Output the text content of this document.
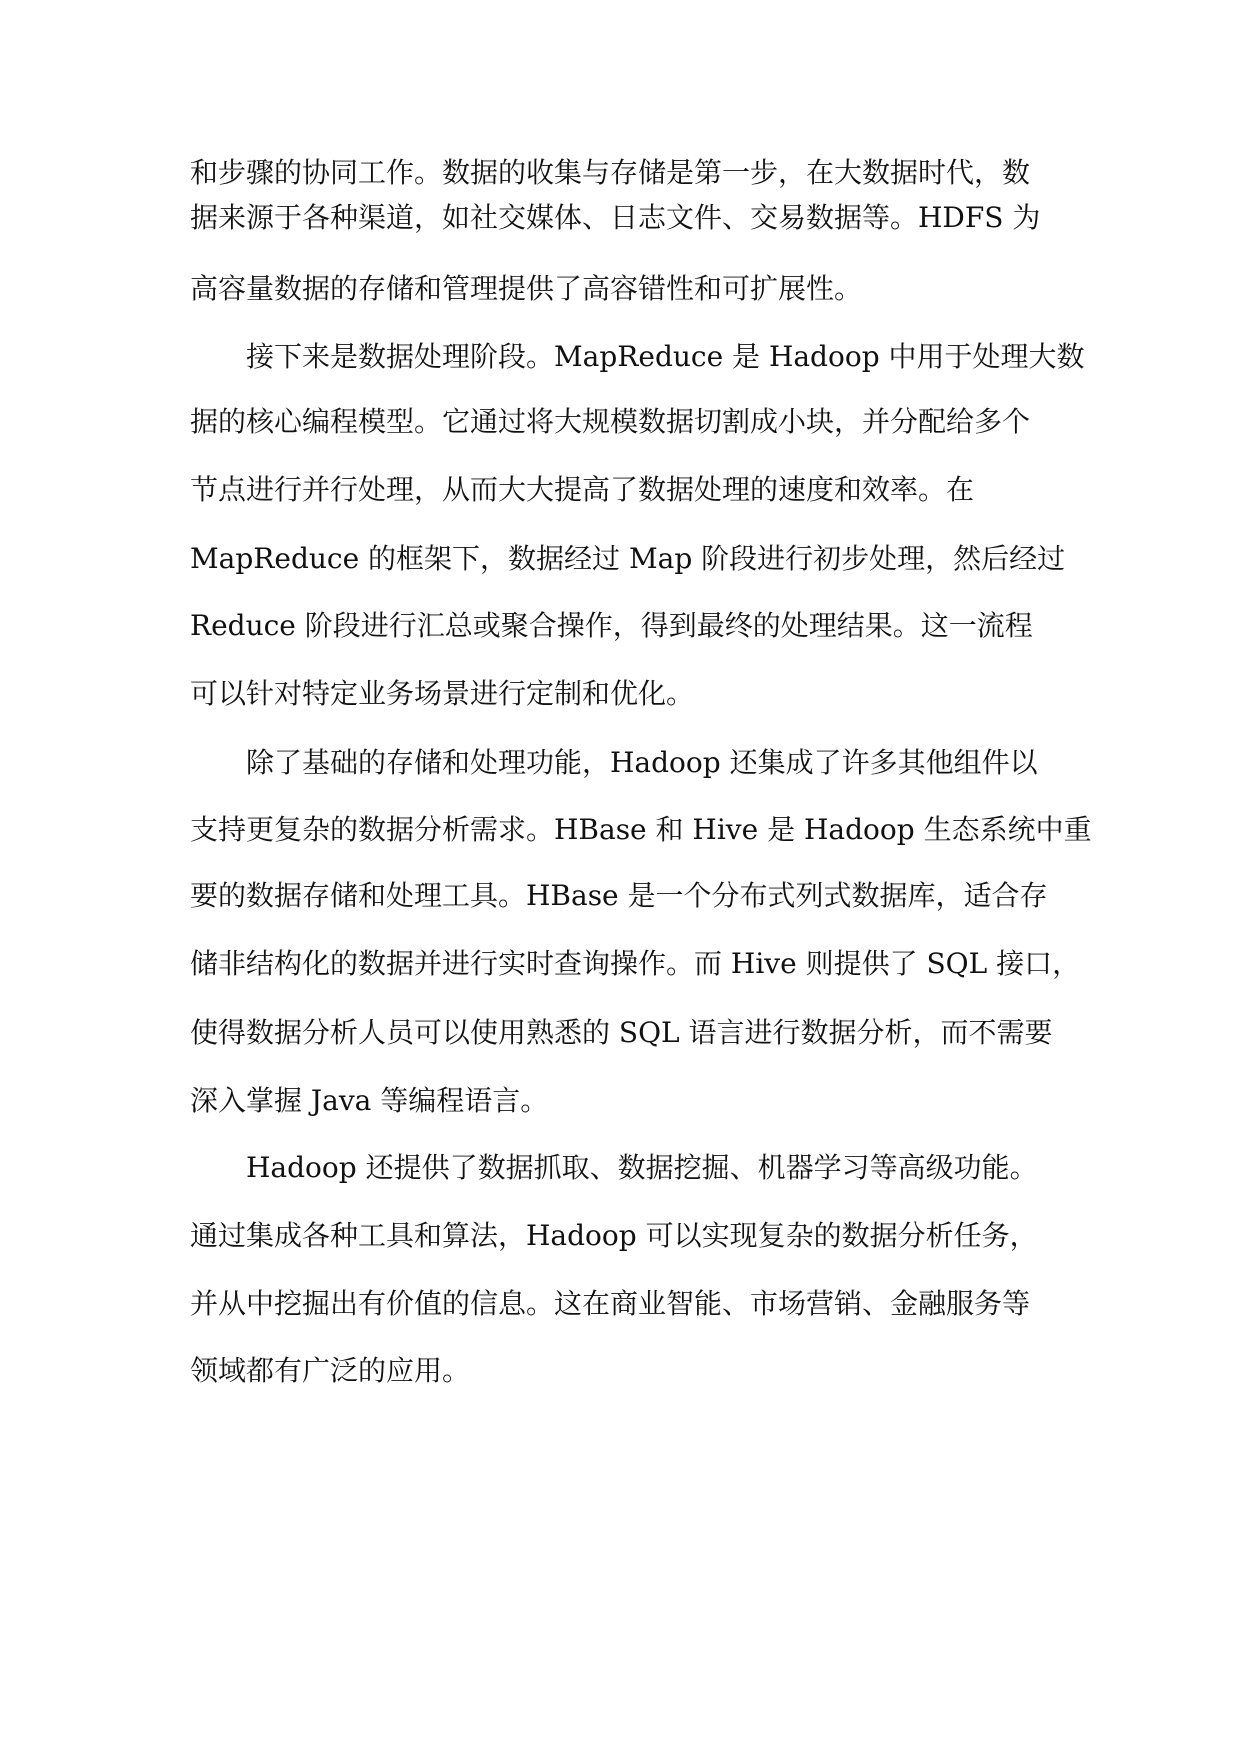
和步骤的协同工作。数据的收集与存储是第一步，在大数据时代，数
据来源于各种渠道，如社交媒体、日志文件、交易数据等。HDFS 为
高容量数据的存储和管理提供了高容错性和可扩展性。
接下来是数据处理阶段。MapReduce 是 Hadoop 中用于处理大数
据的核心编程模型。它通过将大规模数据切割成小块，并分配给多个
节点进行并行处理，从而大大提高了数据处理的速度和效率。在
MapReduce 的框架下，数据经过 Map 阶段进行初步处理，然后经过
Reduce 阶段进行汇总或聚合操作，得到最终的处理结果。这一流程
可以针对特定业务场景进行定制和优化。
除了基础的存储和处理功能，Hadoop 还集成了许多其他组件以
支持更复杂的数据分析需求。HBase 和 Hive 是 Hadoop 生态系统中重
要的数据存储和处理工具。HBase 是一个分布式列式数据库，适合存
储非结构化的数据并进行实时查询操作。而 Hive 则提供了 SQL 接口，
使得数据分析人员可以使用熟悉的 SQL 语言进行数据分析，而不需要
深入掌握 Java 等编程语言。
Hadoop 还提供了数据抓取、数据挖掘、机器学习等高级功能。
通过集成各种工具和算法，Hadoop 可以实现复杂的数据分析任务，
并从中挖掘出有价值的信息。这在商业智能、市场营销、金融服务等
领域都有广泛的应用。
